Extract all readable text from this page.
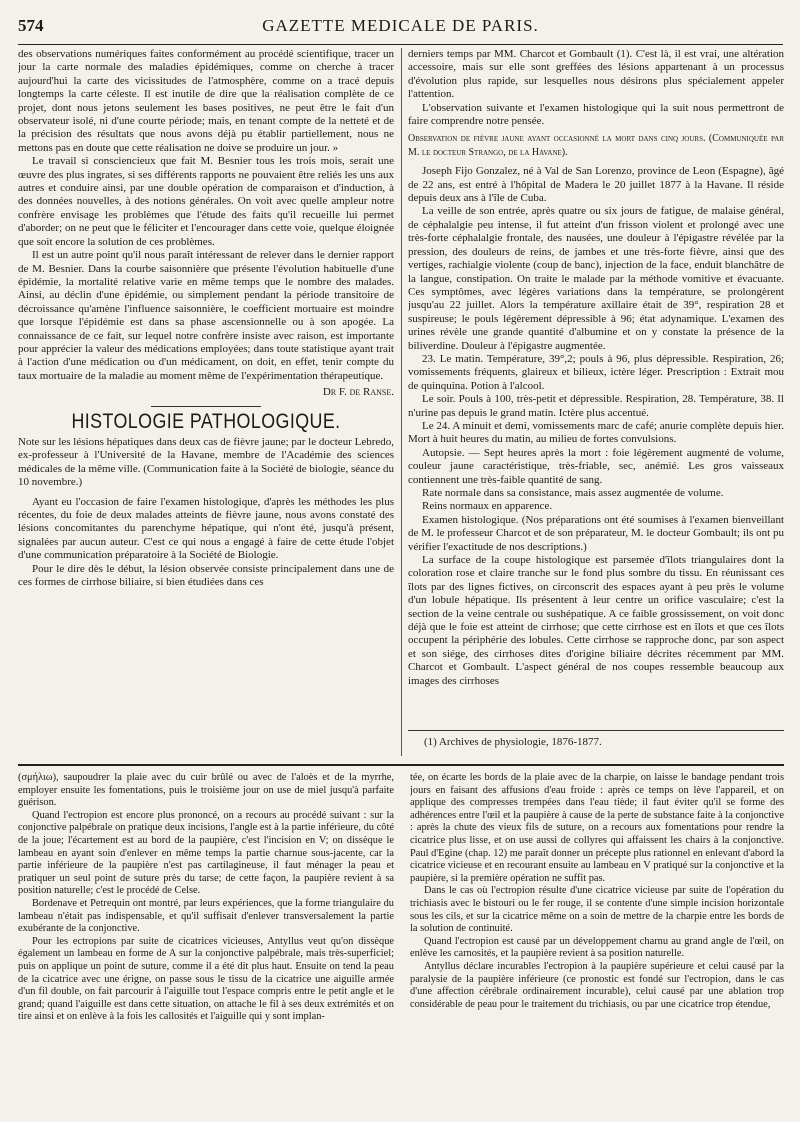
574	GAZETTE MEDICALE DE PARIS.

des observations numériques faites conformément au procédé scientifique, tracer un jour la carte normale des maladies épidémiques, comme on cherche à tracer aujourd'hui la carte des vicissitudes de l'atmosphère, comme on a tracé depuis longtemps la carte céleste. Il est inutile de dire que la réalisation complète de ce projet, dont nous jetons seulement les bases positives, ne peut être le fait d'un observateur isolé, ni d'une courte période; mais, en tenant compte de la netteté et de la précision des résultats que nous avons déjà pu établir partiellement, nous ne mettons pas en doute que cette réalisation ne doive se produire un jour. »

Le travail si consciencieux que fait M. Besnier tous les trois mois, serait une œuvre des plus ingrates, si ses différents rapports ne pouvaient être reliés les uns aux autres et conduire ainsi, par une double opération de comparaison et d'induction, à des données nouvelles, à des notions générales. On voit avec quelle ampleur notre confrère envisage les problèmes que l'étude des faits qu'il recueille lui permet d'aborder; on ne peut que le féliciter et l'encourager dans cette voie, quelque éloignée que soit encore la solution de ces problèmes.

Il est un autre point qu'il nous paraît intéressant de relever dans le dernier rapport de M. Besnier. Dans la courbe saisonnière que présente l'évolution habituelle d'une épidémie, la mortalité relative varie en même temps que le nombre des malades. Ainsi, au déclin d'une épidémie, ou simplement pendant la période transitoire de décroissance qu'amène l'influence saisonnière, le coefficient mortuaire est moindre que lorsque l'épidémie est dans sa phase ascensionnelle ou à son apogée. La connaissance de ce fait, sur lequel notre confrère insiste avec raison, est importante pour apprécier la valeur des médications employées; dans toute statistique ayant trait à l'action d'une médication ou d'un médicament, on doit, en effet, tenir compte du taux mortuaire de la maladie au moment même de l'expérimentation thérapeutique.

Dr F. de Ranse.
HISTOLOGIE PATHOLOGIQUE.

Note sur les lésions hépatiques dans deux cas de fièvre jaune; par le docteur Lebredo, ex-professeur à l'Université de la Havane, membre de l'Académie des sciences médicales de la même ville. (Communication faite à la Société de biologie, séance du 10 novembre.)

Ayant eu l'occasion de faire l'examen histologique, d'après les méthodes les plus récentes, du foie de deux malades atteints de fièvre jaune, nous avons constaté des lésions concomitantes du parenchyme hépatique, qui n'ont été, jusqu'à présent, signalées par aucun auteur. C'est ce qui nous a engagé à faire de cette étude l'objet d'une communication préparatoire à la Société de Biologie.

Pour le dire dès le début, la lésion observée consiste principalement dans une de ces formes de cirrhose biliaire, si bien étudiées dans ces

derniers temps par MM. Charcot et Gombault (1). C'est là, il est vrai, une altération accessoire, mais sur elle sont greffées des lésions appartenant à un processus d'évolution plus rapide, sur lesquelles nous désirons plus spécialement appeler l'attention.

L'observation suivante et l'examen histologique qui la suit nous permettront de faire comprendre notre pensée.

Observation de fièvre jaune ayant occasionné la mort dans cinq jours. (Communiquée par M. le docteur Strango, de la Havane).

Joseph Fijo Gonzalez, né à Val de San Lorenzo, province de Leon (Espagne), âgé de 22 ans, est entré à l'hôpital de Madera le 20 juillet 1877 à la Havane. Il réside depuis deux ans à l'île de Cuba.

La veille de son entrée, après quatre ou six jours de fatigue, de malaise général, de céphalalgie peu intense, il fut atteint d'un frisson violent et prolongé avec une très-forte céphalalgie frontale, des nausées, une douleur à l'épigastre révélée par la pression, des douleurs de reins, de jambes et une très-forte fièvre, ainsi que des vertiges, rachialgie violente (coup de banc), injection de la face, enduit blanchâtre de la langue, constipation. On traite le malade par la méthode vomitive et évacuante. Ces symptômes, avec légères variations dans la température, se prolongèrent jusqu'au 22 juillet. Alors la température axillaire était de 39°, respiration 28 et suspireuse; le pouls légèrement dépressible à 96; état adynamique. L'examen des urines révèle une grande quantité d'albumine et on y constate la présence de la biliverdine. Douleur à l'épigastre augmentée.

23. Le matin. Température, 39°,2; pouls à 96, plus dépressible. Respiration, 26; vomissements fréquents, glaireux et bilieux, ictère léger. Prescription : Extrait mou de quinquina. Potion à l'alcool.

Le soir. Pouls à 100, très-petit et dépressible. Respiration, 28. Température, 38. Il n'urine pas depuis le grand matin. Ictère plus accentué.

Le 24. A minuit et demi, vomissements marc de café; anurie complète depuis hier. Mort à huit heures du matin, au milieu de fortes convulsions.

Autopsie. — Sept heures après la mort : foie légèrement augmenté de volume, couleur jaune caractéristique, très-friable, sec, anémié. Les gros vaisseaux contiennent une très-faible quantité de sang.

Rate normale dans sa consistance, mais assez augmentée de volume.

Reins normaux en apparence.

Examen histologique. (Nos préparations ont été soumises à l'examen bienveillant de M. le professeur Charcot et de son préparateur, M. le docteur Gombault; ils ont pu vérifier l'exactitude de nos descriptions.)

La surface de la coupe histologique est parsemée d'îlots triangulaires dont la coloration rose et claire tranche sur le fond plus sombre du tissu. En réunissant ces îlots par des lignes fictives, on circonscrit des espaces ayant à peu près le volume d'un lobule hépatique. Ils présentent à leur centre un orifice vasculaire; c'est la section de la veine centrale ou sushépatique. A ce faible grossissement, on voit donc déjà que le foie est atteint de cirrhose; que cette cirrhose est en îlots et que ces îlots occupent la périphérie des lobules. Cette cirrhose se rapproche donc, par son aspect et son siége, des cirrhoses dites d'origine biliaire décrites récemment par MM. Charcot et Gombault. L'aspect général de nos coupes ressemble beaucoup aux images des cirrhoses

(1) Archives de physiologie, 1876-1877.

(σμήλιω), saupoudrer la plaie avec du cuir brûlé ou avec de l'aloès et de la myrrhe, employer ensuite les fomentations, puis le troisième jour on use de miel jusqu'à parfaite guérison.

Quand l'ectropion est encore plus prononcé, on a recours au procédé suivant : sur la conjonctive palpébrale on pratique deux incisions, l'angle est à la partie inférieure, du côté de la joue; l'écartement est au bord de la paupière, c'est l'incision en V; on dissèque le lambeau en ayant soin d'enlever en même temps la partie charnue sous-jacente, car la partie inférieure de la paupière n'est pas cartilagineuse, il faut ménager la peau et pratiquer un seul point de suture près du tarse; de cette façon, la paupière revient à sa position naturelle; c'est le procédé de Celse.

Bordenave et Petrequin ont montré, par leurs expériences, que la forme triangulaire du lambeau n'était pas indispensable, et qu'il suffisait d'enlever transversalement la partie exubérante de la conjonctive.

Pour les ectropions par suite de cicatrices vicieuses, Antyllus veut qu'on dissèque également un lambeau en forme de A sur la conjonctive palpébrale, mais très-superficiel; puis on applique un point de suture, comme il a été dit plus haut. Ensuite on tend la peau de la cicatrice avec une érigne, on passe sous le tissu de la cicatrice une aiguille armée d'un fil double, on fait parcourir à l'aiguille tout l'espace compris entre le petit angle et le grand; quand l'aiguille est dans cette situation, on attache le fil à ses deux extrémités et on tire ainsi et on enlève à la fois les callosités et l'aiguille qui y sont implan-

tée, on écarte les bords de la plaie avec de la charpie, on laisse le bandage pendant trois jours en faisant des affusions d'eau froide : après ce temps on lève l'appareil, et on applique des compresses trempées dans l'eau tiède; il faut éviter qu'il se forme des adhérences entre l'œil et la paupière à cause de la perte de substance faite à la conjonctive : après la chute des vieux fils de suture, on a recours aux fomentations pour rendre la cicatrice plus lisse, et on use aussi de collyres qui affaissent les chairs à la conjonctive. Paul d'Egine (chap. 12) me paraît donner un précepte plus rationnel en enlevant d'abord la cicatrice vicieuse et en recourant ensuite au lambeau en V pratiqué sur la conjonctive et la paupière, si la première opération ne suffit pas.

Dans le cas où l'ectropion résulte d'une cicatrice vicieuse par suite de l'opération du trichiasis avec le bistouri ou le fer rouge, il se contente d'une simple incision horizontale sous les cils, et sur la cicatrice même on a soin de mettre de la charpie entre les bords de la solution de continuité.

Quand l'ectropion est causé par un développement charnu au grand angle de l'œil, on enlève les carnosités, et la paupière revient à sa position naturelle.

Antyllus déclare incurables l'ectropion à la paupière supérieure et celui causé par la paralysie de la paupière inférieure (ce pronostic est fondé sur l'ectropion, dans le cas d'une affection cérébrale ordinairement incurable), celui causé par une ablation trop considérable de peau pour le traitement du trichiasis, ou par une cicatrice trop étendue,
